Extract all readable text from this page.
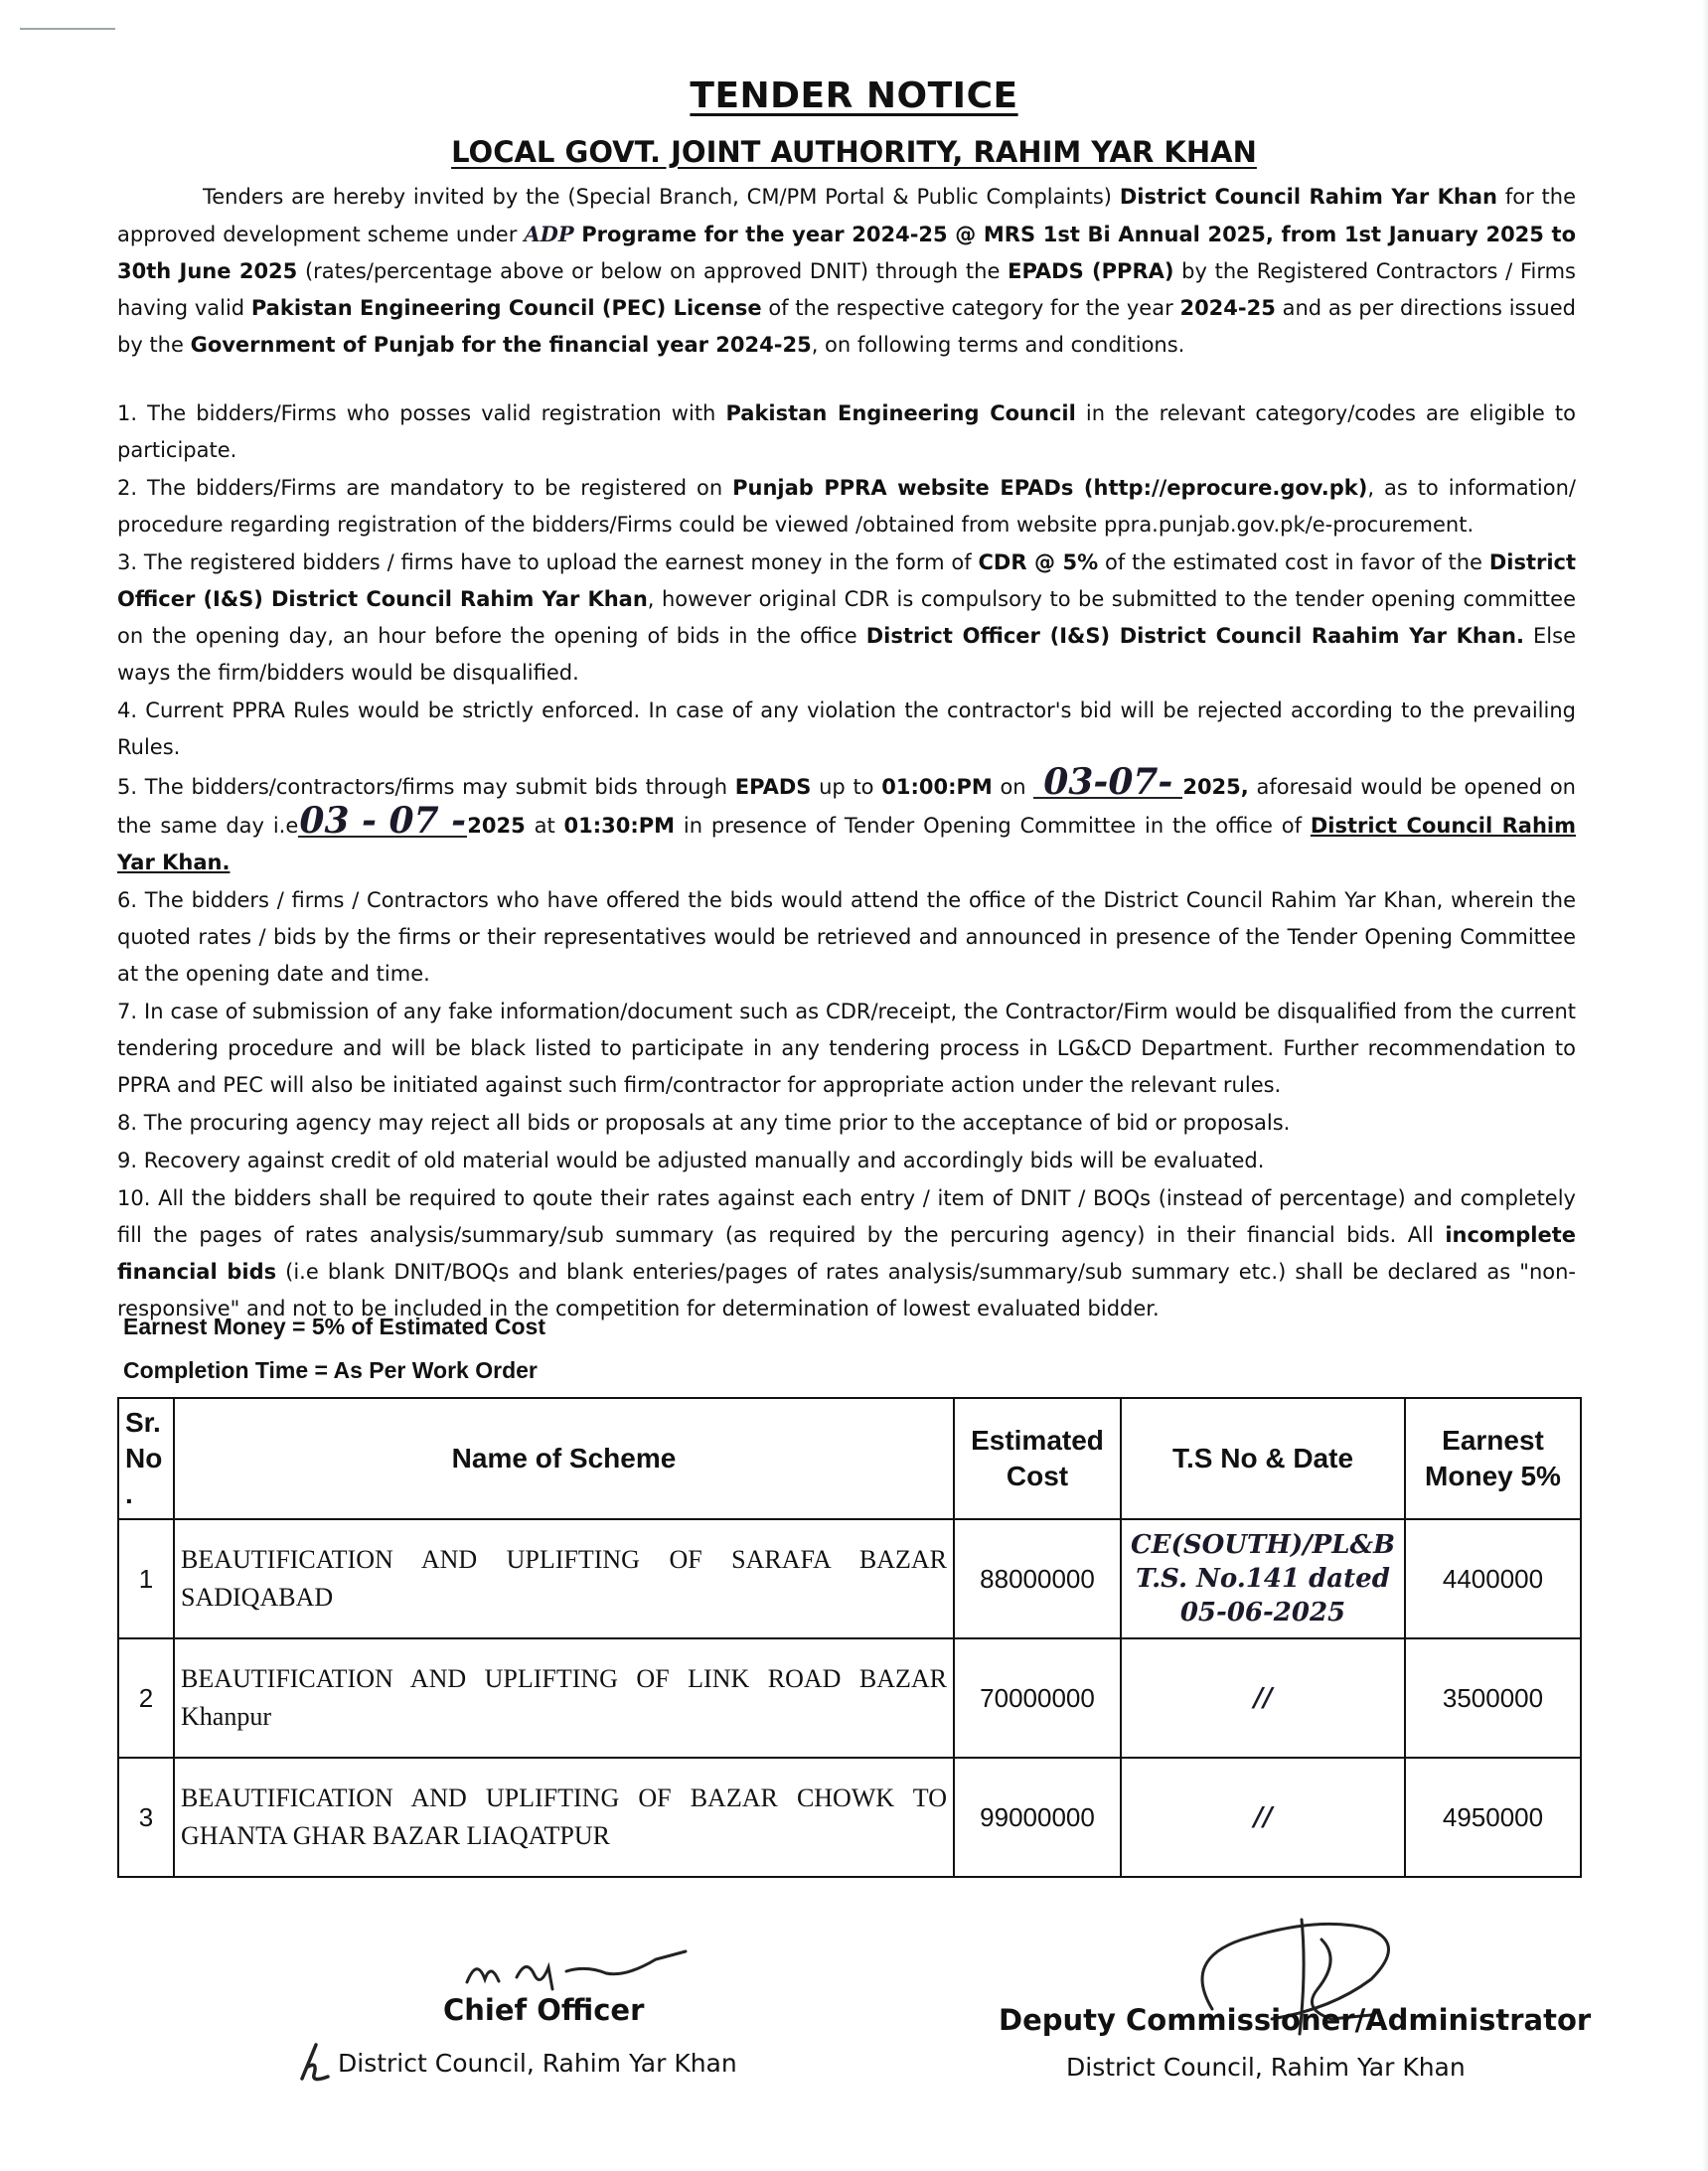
TENDER NOTICE
LOCAL GOVT. JOINT AUTHORITY, RAHIM YAR KHAN
Tenders are hereby invited by the (Special Branch, CM/PM Portal & Public Complaints) District Council Rahim Yar Khan for the approved development scheme under ADP Programe for the year 2024-25 @ MRS 1st Bi Annual 2025, from 1st January 2025 to 30th June 2025 (rates/percentage above or below on approved DNIT) through the EPADS (PPRA) by the Registered Contractors / Firms having valid Pakistan Engineering Council (PEC) License of the respective category for the year 2024-25 and as per directions issued by the Government of Punjab for the financial year 2024-25, on following terms and conditions.

1. The bidders/Firms who posses valid registration with Pakistan Engineering Council in the relevant category/codes are eligible to participate.

2. The bidders/Firms are mandatory to be registered on Punjab PPRA website EPADs (http://eprocure.gov.pk), as to information/ procedure regarding registration of the bidders/Firms could be viewed /obtained from website ppra.punjab.gov.pk/e-procurement.

3. The registered bidders / firms have to upload the earnest money in the form of CDR @ 5% of the estimated cost in favor of the District Officer (I&S) District Council Rahim Yar Khan, however original CDR is compulsory to be submitted to the tender opening committee on the opening day, an hour before the opening of bids in the office District Officer (I&S) District Council Raahim Yar Khan. Else ways the firm/bidders would be disqualified.

4. Current PPRA Rules would be strictly enforced. In case of any violation the contractor's bid will be rejected according to the prevailing Rules.

5. The bidders/contractors/firms may submit bids through EPADS up to 01:00:PM on 03-07- 2025, aforesaid would be opened on the same day i.e03 - 07 -2025 at 01:30:PM in presence of Tender Opening Committee in the office of District Council Rahim Yar Khan.

6. The bidders / firms / Contractors who have offered the bids would attend the office of the District Council Rahim Yar Khan, wherein the quoted rates / bids by the firms or their representatives would be retrieved and announced in presence of the Tender Opening Committee at the opening date and time.

7. In case of submission of any fake information/document such as CDR/receipt, the Contractor/Firm would be disqualified from the current tendering procedure and will be black listed to participate in any tendering process in LG&CD Department. Further recommendation to PPRA and PEC will also be initiated against such firm/contractor for appropriate action under the relevant rules.

8. The procuring agency may reject all bids or proposals at any time prior to the acceptance of bid or proposals.

9. Recovery against credit of old material would be adjusted manually and accordingly bids will be evaluated.

10. All the bidders shall be required to qoute their rates against each entry / item of DNIT / BOQs (instead of percentage) and completely fill the pages of rates analysis/summary/sub summary (as required by the percuring agency) in their financial bids. All incomplete financial bids (i.e blank DNIT/BOQs and blank enteries/pages of rates analysis/summary/sub summary etc.) shall be declared as "non-responsive" and not to be included in the competition for determination of lowest evaluated bidder.

Earnest Money = 5% of Estimated Cost
Completion Time = As Per Work Order
Sr. No .	Name of Scheme	Estimated Cost	T.S No & Date	Earnest Money 5%
1	BEAUTIFICATION AND UPLIFTING OF SARAFA BAZAR SADIQABAD	88000000	CE(SOUTH)/PL&B
T.S. No.141 dated
05-06-2025	4400000
2	BEAUTIFICATION AND UPLIFTING OF LINK ROAD BAZAR Khanpur	70000000	//	3500000
3	BEAUTIFICATION AND UPLIFTING OF BAZAR CHOWK TO GHANTA GHAR BAZAR LIAQATPUR	99000000	//	4950000
Chief Officer
District Council, Rahim Yar Khan
Deputy Commissioner/Administrator
District Council, Rahim Yar Khan
